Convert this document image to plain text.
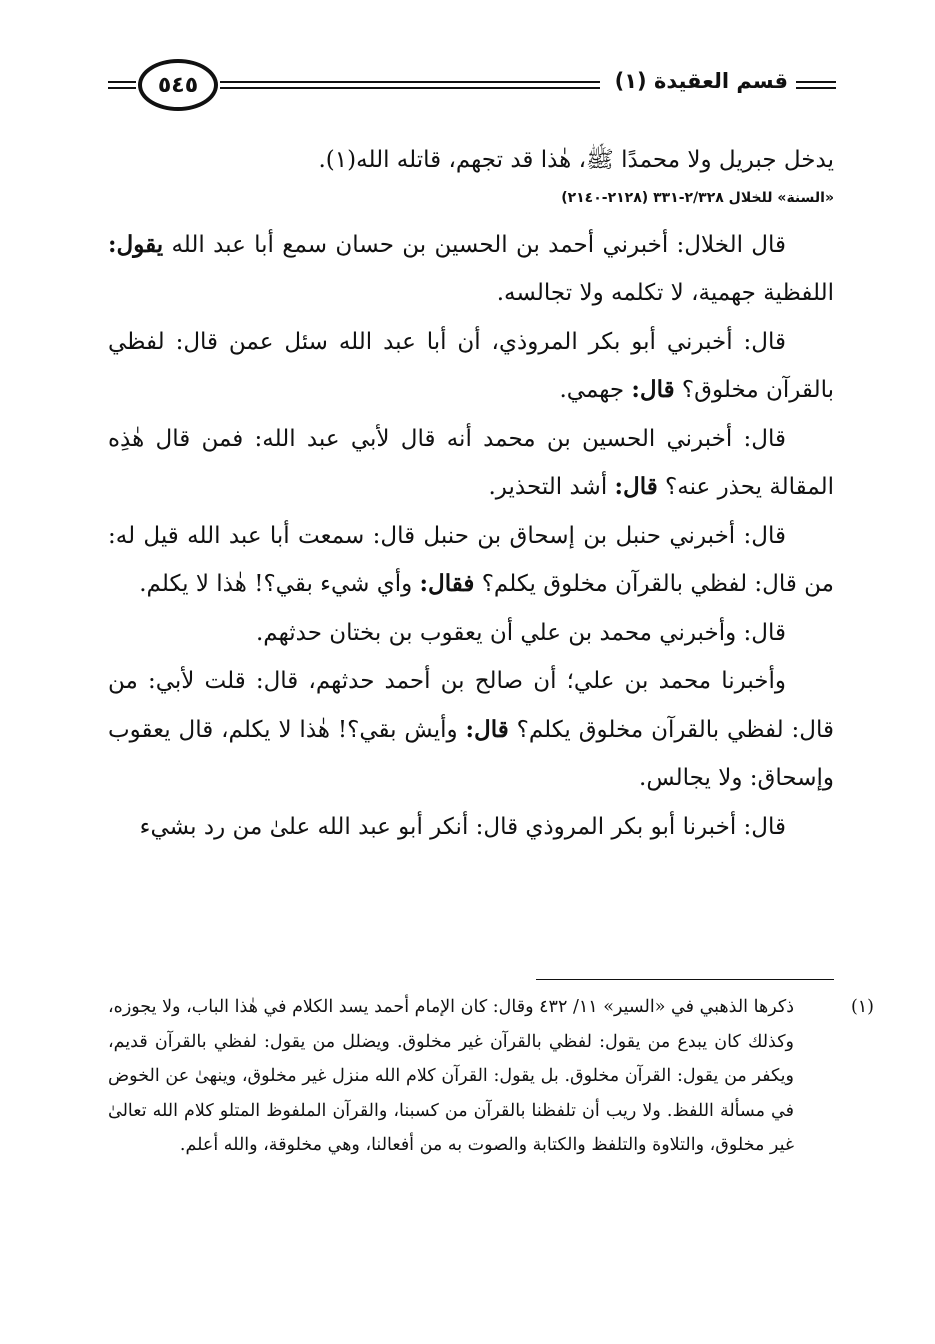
قسم العقيدة (١)
٥٤٥

يدخل جبريل ولا محمدًا ﷺ، هٰذا قد تجهم، قاتله الله(١).

«السنة» للخلال ٢/٣٢٨-٣٣١ (٢١٢٨-٢١٤٠)

قال الخلال: أخبرني أحمد بن الحسين بن حسان سمع أبا عبد الله يقول: اللفظية جهمية، لا تكلمه ولا تجالسه.

قال: أخبرني أبو بكر المروذي، أن أبا عبد الله سئل عمن قال: لفظي بالقرآن مخلوق؟ قال: جهمي.

قال: أخبرني الحسين بن محمد أنه قال لأبي عبد الله: فمن قال هٰذِه المقالة يحذر عنه؟ قال: أشد التحذير.

قال: أخبرني حنبل بن إسحاق بن حنبل قال: سمعت أبا عبد الله قيل له: من قال: لفظي بالقرآن مخلوق يكلم؟ فقال: وأي شيء بقي؟! هٰذا لا يكلم.

قال: وأخبرني محمد بن علي أن يعقوب بن بختان حدثهم.

وأخبرنا محمد بن علي؛ أن صالح بن أحمد حدثهم، قال: قلت لأبي: من قال: لفظي بالقرآن مخلوق يكلم؟ قال: وأيش بقي؟! هٰذا لا يكلم، قال يعقوب وإسحاق: ولا يجالس.

قال: أخبرنا أبو بكر المروذي قال: أنكر أبو عبد الله علىٰ من رد بشيء

(١)ذكرها الذهبي في «السير» ١١/ ٤٣٢ وقال: كان الإمام أحمد يسد الكلام في هٰذا الباب، ولا يجوزه، وكذلك كان يبدع من يقول: لفظي بالقرآن غير مخلوق. ويضلل من يقول: لفظي بالقرآن قديم، ويكفر من يقول: القرآن مخلوق. بل يقول: القرآن كلام الله منزل غير مخلوق، وينهىٰ عن الخوض في مسألة اللفظ. ولا ريب أن تلفظنا بالقرآن من كسبنا، والقرآن الملفوظ المتلو كلام الله تعالىٰ غير مخلوق، والتلاوة والتلفظ والكتابة والصوت به من أفعالنا، وهي مخلوقة، والله أعلم.
